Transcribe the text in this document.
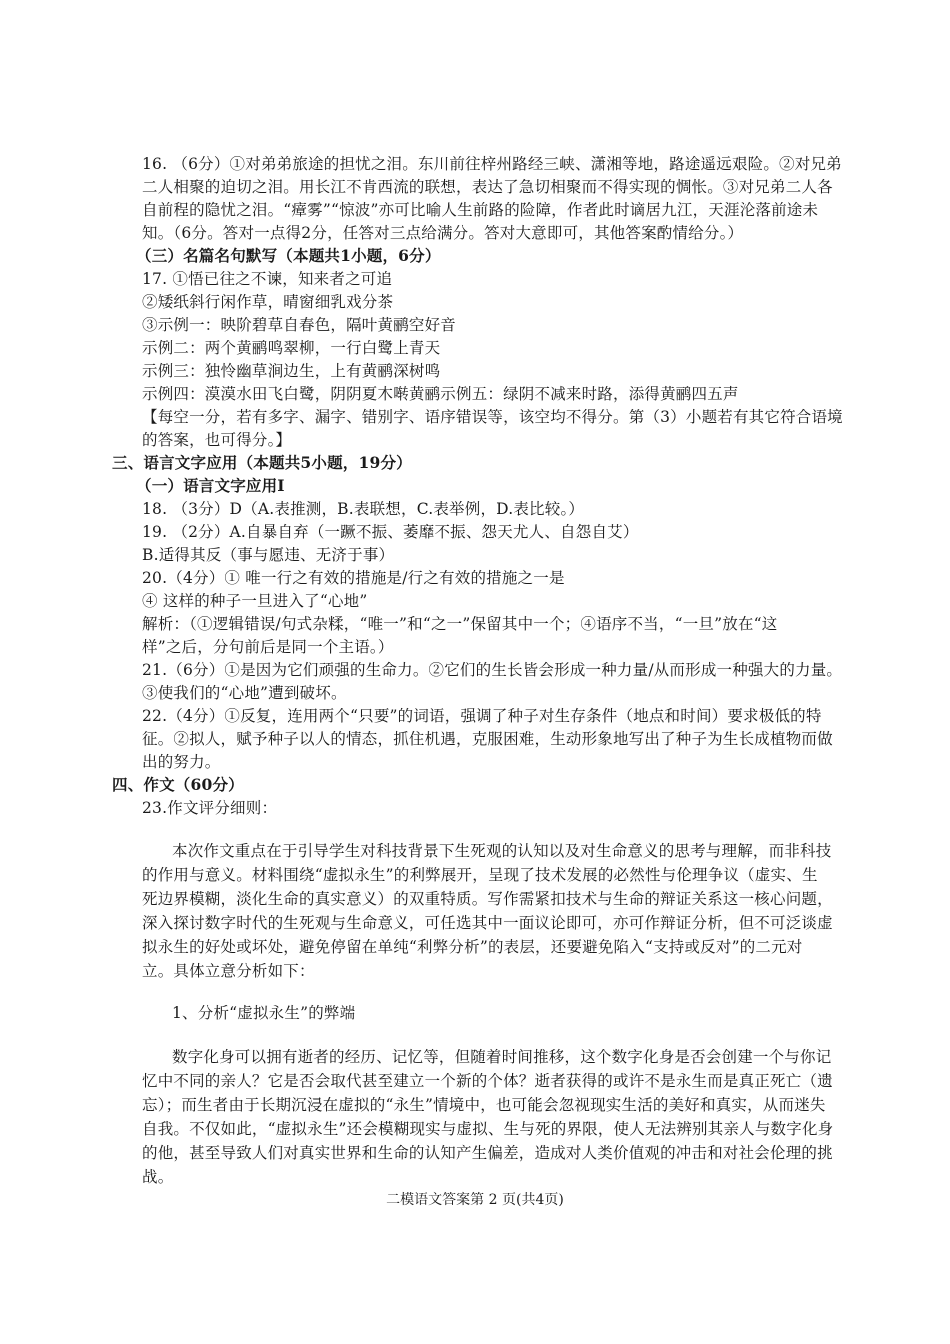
16. （6分）①对弟弟旅途的担忧之泪。东川前往梓州路经三峡、潇湘等地，路途遥远艰险。②对兄弟
二人相聚的迫切之泪。用长江不肯西流的联想，表达了急切相聚而不得实现的惆怅。③对兄弟二人各
自前程的隐忧之泪。“瘴雾”“惊波”亦可比喻人生前路的险障，作者此时谪居九江，天涯沦落前途未
知。（6分。答对一点得2分，任答对三点给满分。答对大意即可，其他答案酌情给分。）
（三）名篇名句默写（本题共1小题，6分）
17. ①悟已往之不谏，知来者之可追
②矮纸斜行闲作草，晴窗细乳戏分茶
③示例一：映阶碧草自春色，隔叶黄鹂空好音
示例二：两个黄鹂鸣翠柳，一行白鹭上青天
示例三：独怜幽草涧边生，上有黄鹂深树鸣
示例四：漠漠水田飞白鹭，阴阴夏木啭黄鹂示例五：绿阴不减来时路，添得黄鹂四五声
【每空一分，若有多字、漏字、错别字、语序错误等，该空均不得分。第（3）小题若有其它符合语境
的答案，也可得分。】
三、语言文字应用（本题共5小题，19分）
（一）语言文字应用I
18. （3分）D（A.表推测，B.表联想，C.表举例，D.表比较。）
19. （2分）A.自暴自弃（一蹶不振、萎靡不振、怨天尤人、自怨自艾）
B.适得其反（事与愿违、无济于事）
20.（4分）① 唯一行之有效的措施是/行之有效的措施之一是
④ 这样的种子一旦进入了“心地”
解析：（①逻辑错误/句式杂糅，“唯一”和“之一”保留其中一个；④语序不当，“一旦”放在“这
样”之后，分句前后是同一个主语。）
21.（6分）①是因为它们顽强的生命力。②它们的生长皆会形成一种力量/从而形成一种强大的力量。
③使我们的“心地”遭到破坏。
22.（4分）①反复，连用两个“只要”的词语，强调了种子对生存条件（地点和时间）要求极低的特
征。②拟人，赋予种子以人的情态，抓住机遇，克服困难，生动形象地写出了种子为生长成植物而做
出的努力。
四、作文（60分）
23.作文评分细则：
本次作文重点在于引导学生对科技背景下生死观的认知以及对生命意义的思考与理解，而非科技
的作用与意义。材料围绕“虚拟永生”的利弊展开，呈现了技术发展的必然性与伦理争议（虚实、生
死边界模糊，淡化生命的真实意义）的双重特质。写作需紧扣技术与生命的辩证关系这一核心问题，
深入探讨数字时代的生死观与生命意义，可任选其中一面议论即可，亦可作辩证分析，但不可泛谈虚
拟永生的好处或坏处，避免停留在单纯“利弊分析”的表层，还要避免陷入“支持或反对”的二元对
立。具体立意分析如下：
1、分析“虚拟永生”的弊端
数字化身可以拥有逝者的经历、记忆等，但随着时间推移，这个数字化身是否会创建一个与你记
忆中不同的亲人？它是否会取代甚至建立一个新的个体？逝者获得的或许不是永生而是真正死亡（遗
忘）；而生者由于长期沉浸在虚拟的“永生”情境中，也可能会忽视现实生活的美好和真实，从而迷失
自我。不仅如此，“虚拟永生”还会模糊现实与虚拟、生与死的界限，使人无法辨别其亲人与数字化身
的他，甚至导致人们对真实世界和生命的认知产生偏差，造成对人类价值观的冲击和对社会伦理的挑
战。
二模语文答案第 2 页(共4页)
